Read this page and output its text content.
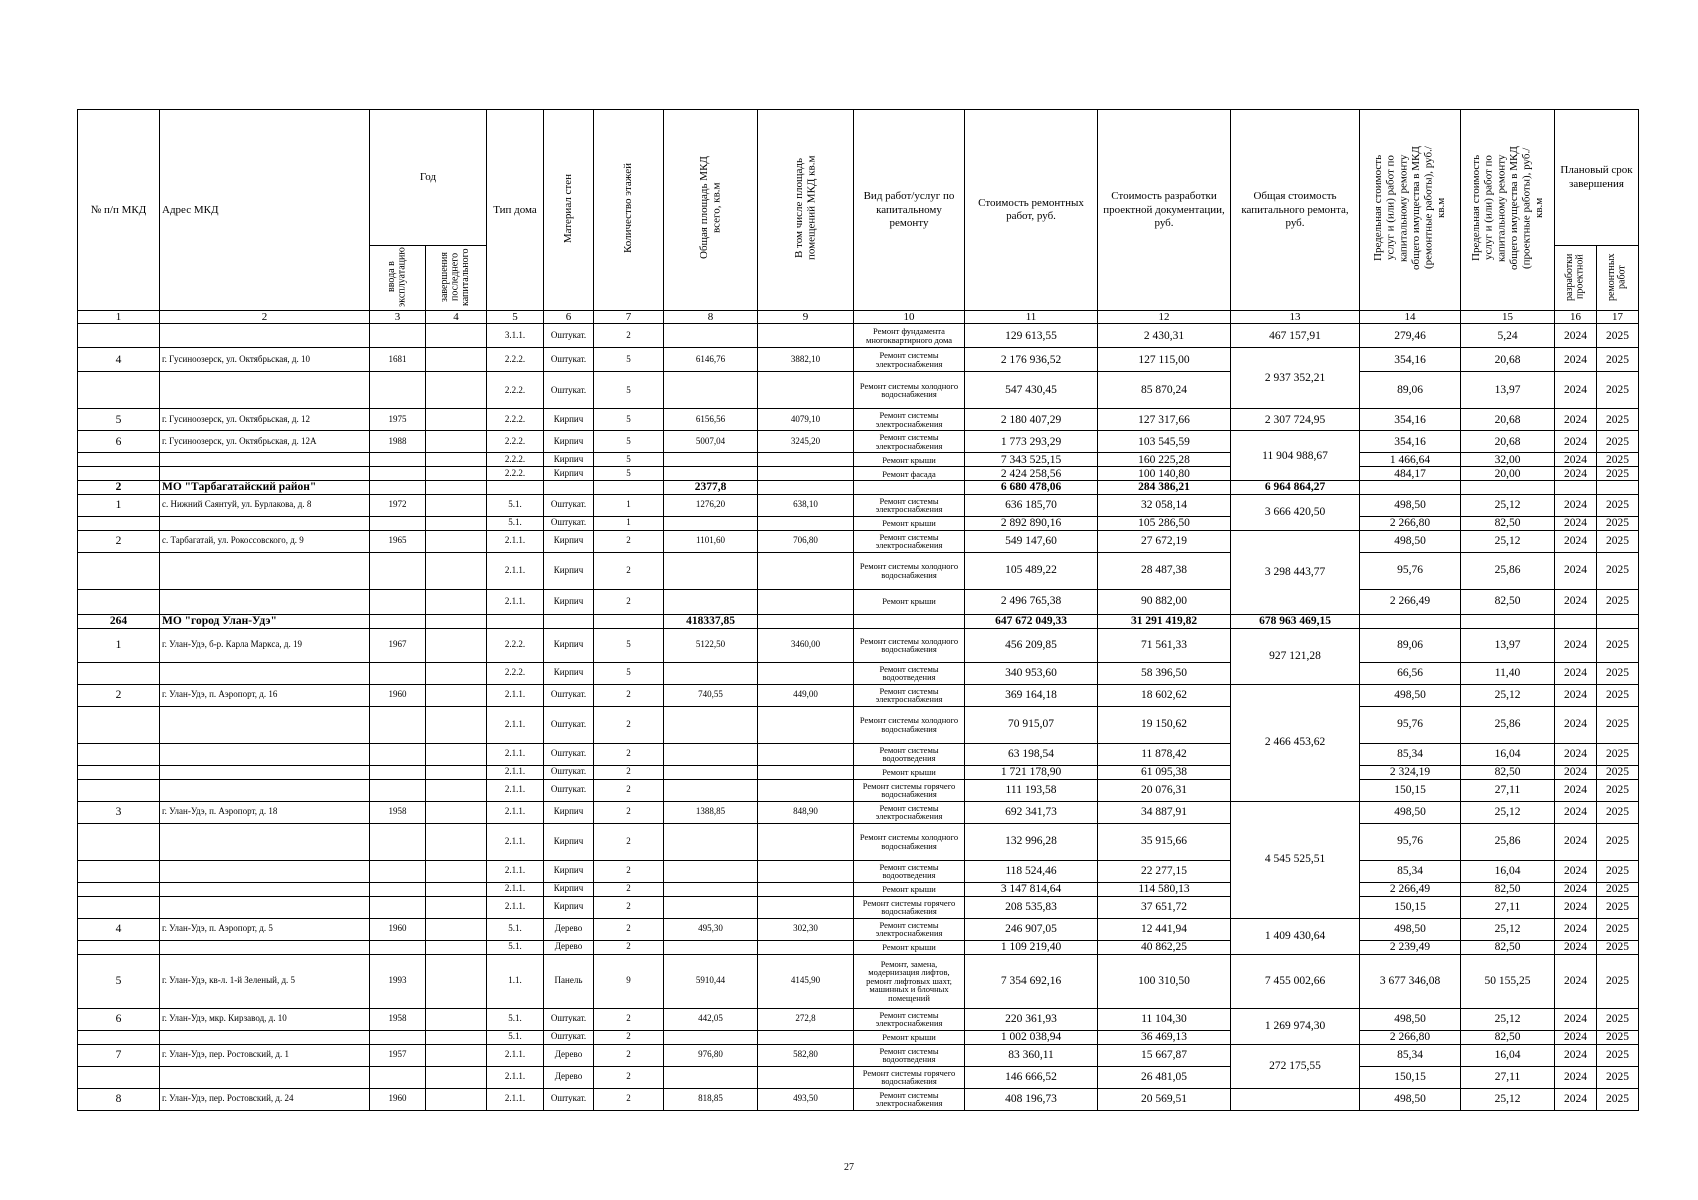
№ п/п МКД	Адрес МКД	Год		Тип дома	Материал стен	Количество этажей	Общая площадь МКД всего, кв.м	В том числе площадь помещений МКД кв.м	Вид работ/услуг по капитальному ремонту	Стоимость ремонтных работ, руб.	Стоимость разработки проектной документации, руб.	Общая стоимость капитального ремонта, руб.	Предельная стоимость услуг и (или) работ по капитальному ремонту общего имущества в МКД (ремонтные работы), руб./кв.м	Предельная стоимость услуг и (или) работ по капитальному ремонту общего имущества в МКД (проектные работы), руб./кв.м	Плановый срок завершения	
		ввода в эксплуатацию	завершения последнего капитального												разработки проектной	ремонтных работ
1	2	3	4	5	6	7	8	9	10	11	12	13	14	15	16	17
				3.1.1.	Оштукат.	2			Ремонт фундамента многоквартирного дома	129 613,55	2 430,31	467 157,91	279,46	5,24	2024	2025
4	г. Гусиноозерск, ул. Октябрьская, д. 10	1681		2.2.2.	Оштукат.	5	6146,76	3882,10	Ремонт системы электроснабжения	2 176 936,52	127 115,00	2 937 352,21	354,16	20,68	2024	2025
				2.2.2.	Оштукат.	5			Ремонт системы холодного водоснабжения	547 430,45	85 870,24		89,06	13,97	2024	2025
5	г. Гусиноозерск, ул. Октябрьская, д. 12	1975		2.2.2.	Кирпич	5	6156,56	4079,10	Ремонт системы электроснабжения	2 180 407,29	127 317,66	2 307 724,95	354,16	20,68	2024	2025
6	г. Гусиноозерск, ул. Октябрьская, д. 12А	1988		2.2.2.	Кирпич	5	5007,04	3245,20	Ремонт системы электроснабжения	1 773 293,29	103 545,59	11 904 988,67	354,16	20,68	2024	2025
				2.2.2.	Кирпич	5			Ремонт крыши	7 343 525,15	160 225,28		1 466,64	32,00	2024	2025
				2.2.2.	Кирпич	5			Ремонт фасада	2 424 258,56	100 140,80		484,17	20,00	2024	2025
2	МО "Тарбагатайский район"						2377,8			6 680 478,06	284 386,21	6 964 864,27				
1	с. Нижний Саянтуй, ул. Бурлакова, д. 8	1972		5.1.	Оштукат.	1	1276,20	638,10	Ремонт системы электроснабжения	636 185,70	32 058,14	3 666 420,50	498,50	25,12	2024	2025
				5.1.	Оштукат.	1			Ремонт крыши	2 892 890,16	105 286,50		2 266,80	82,50	2024	2025
2	с. Тарбагатай, ул. Рокоссовского, д. 9	1965		2.1.1.	Кирпич	2	1101,60	706,80	Ремонт системы электроснабжения	549 147,60	27 672,19	3 298 443,77	498,50	25,12	2024	2025
				2.1.1.	Кирпич	2			Ремонт системы холодного водоснабжения	105 489,22	28 487,38		95,76	25,86	2024	2025
				2.1.1.	Кирпич	2			Ремонт крыши	2 496 765,38	90 882,00		2 266,49	82,50	2024	2025
264	МО "город Улан-Удэ"						418337,85			647 672 049,33	31 291 419,82	678 963 469,15				
1	г. Улан-Удэ, б-р. Карла Маркса, д. 19	1967		2.2.2.	Кирпич	5	5122,50	3460,00	Ремонт системы холодного водоснабжения	456 209,85	71 561,33	927 121,28	89,06	13,97	2024	2025
				2.2.2.	Кирпич	5			Ремонт системы водоотведения	340 953,60	58 396,50		66,56	11,40	2024	2025
2	г. Улан-Удэ, п. Аэропорт, д. 16	1960		2.1.1.	Оштукат.	2	740,55	449,00	Ремонт системы электроснабжения	369 164,18	18 602,62	2 466 453,62	498,50	25,12	2024	2025
				2.1.1.	Оштукат.	2			Ремонт системы холодного водоснабжения	70 915,07	19 150,62		95,76	25,86	2024	2025
				2.1.1.	Оштукат.	2			Ремонт системы водоотведения	63 198,54	11 878,42		85,34	16,04	2024	2025
				2.1.1.	Оштукат.	2			Ремонт крыши	1 721 178,90	61 095,38		2 324,19	82,50	2024	2025
				2.1.1.	Оштукат.	2			Ремонт системы горячего водоснабжения	111 193,58	20 076,31		150,15	27,11	2024	2025
3	г. Улан-Удэ, п. Аэропорт, д. 18	1958		2.1.1.	Кирпич	2	1388,85	848,90	Ремонт системы электроснабжения	692 341,73	34 887,91	4 545 525,51	498,50	25,12	2024	2025
				2.1.1.	Кирпич	2			Ремонт системы холодного водоснабжения	132 996,28	35 915,66		95,76	25,86	2024	2025
				2.1.1.	Кирпич	2			Ремонт системы водоотведения	118 524,46	22 277,15		85,34	16,04	2024	2025
				2.1.1.	Кирпич	2			Ремонт крыши	3 147 814,64	114 580,13		2 266,49	82,50	2024	2025
				2.1.1.	Кирпич	2			Ремонт системы горячего водоснабжения	208 535,83	37 651,72		150,15	27,11	2024	2025
4	г. Улан-Удэ, п. Аэропорт, д. 5	1960		5.1.	Дерево	2	495,30	302,30	Ремонт системы электроснабжения	246 907,05	12 441,94	1 409 430,64	498,50	25,12	2024	2025
				5.1.	Дерево	2			Ремонт крыши	1 109 219,40	40 862,25		2 239,49	82,50	2024	2025
5	г. Улан-Удэ, кв-л. 1-й Зеленый, д. 5	1993		1.1.	Панель	9	5910,44	4145,90	Ремонт, замена, модернизация лифтов, ремонт лифтовых шахт, машинных и блочных помещений	7 354 692,16	100 310,50	7 455 002,66	3 677 346,08	50 155,25	2024	2025
6	г. Улан-Удэ, мкр. Кирзавод, д. 10	1958		5.1.	Оштукат.	2	442,05	272,8	Ремонт системы электроснабжения	220 361,93	11 104,30	1 269 974,30	498,50	25,12	2024	2025
				5.1.	Оштукат.	2			Ремонт крыши	1 002 038,94	36 469,13		2 266,80	82,50	2024	2025
7	г. Улан-Удэ, пер. Ростовский, д. 1	1957		2.1.1.	Дерево	2	976,80	582,80	Ремонт системы водоотведения	83 360,11	15 667,87	272 175,55	85,34	16,04	2024	2025
				2.1.1.	Дерево	2			Ремонт системы горячего водоснабжения	146 666,52	26 481,05		150,15	27,11	2024	2025
8	г. Улан-Удэ, пер. Ростовский, д. 24	1960		2.1.1.	Оштукат.	2	818,85	493,50	Ремонт системы электроснабжения	408 196,73	20 569,51		498,50	25,12	2024	2025
27
